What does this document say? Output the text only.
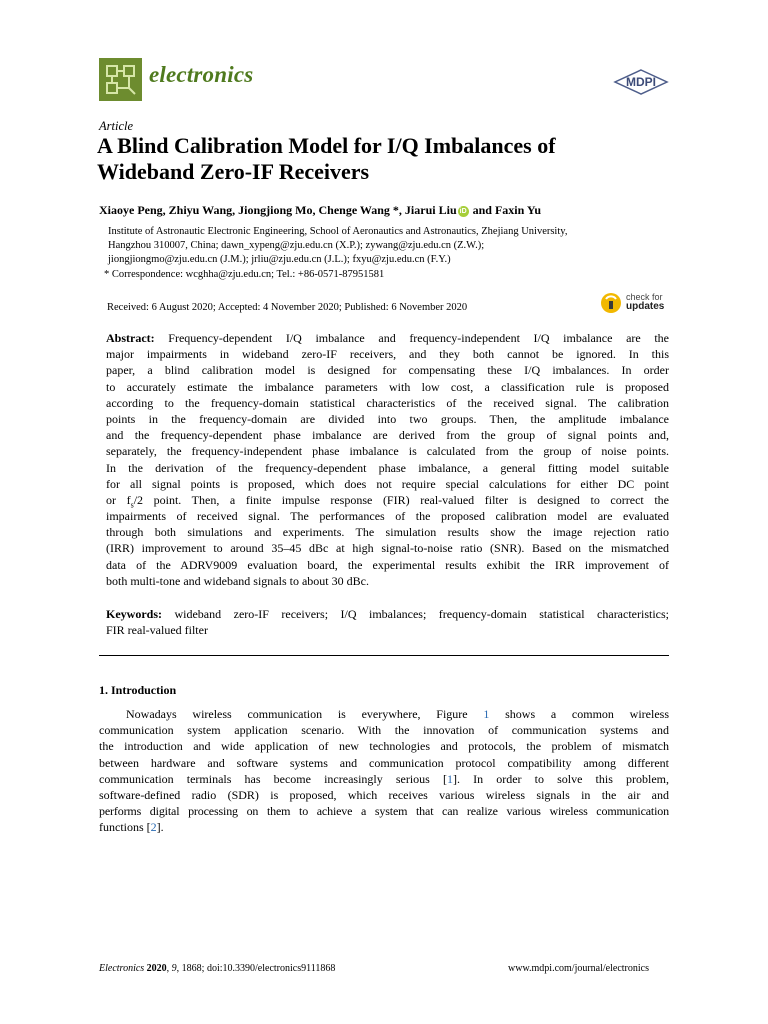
electronics	MDPI
Article
A Blind Calibration Model for I/Q Imbalances of
Wideband Zero-IF Receivers
Xiaoye Peng, Zhiyu Wang, Jiongjiong Mo, Chenge Wang *, Jiarui Liu iD and Faxin Yu
Institute of Astronautic Electronic Engineering, School of Aeronautics and Astronautics, Zhejiang University,
Hangzhou 310007, China; dawn_xypeng@zju.edu.cn (X.P.); zywang@zju.edu.cn (Z.W.);
jiongjiongmo@zju.edu.cn (J.M.); jrliu@zju.edu.cn (J.L.); fxyu@zju.edu.cn (F.Y.)
* Correspondence: wcghha@zju.edu.cn; Tel.: +86-0571-87951581
Received: 6 August 2020; Accepted: 4 November 2020; Published: 6 November 2020
check for
updates
Abstract: Frequency-dependent I/Q imbalance and frequency-independent I/Q imbalance are the
major impairments in wideband zero-IF receivers, and they both cannot be ignored. In this
paper, a blind calibration model is designed for compensating these I/Q imbalances. In order
to accurately estimate the imbalance parameters with low cost, a classification rule is proposed
according to the frequency-domain statistical characteristics of the received signal. The calibration
points in the frequency-domain are divided into two groups. Then, the amplitude imbalance
and the frequency-dependent phase imbalance are derived from the group of signal points and,
separately, the frequency-independent phase imbalance is calculated from the group of noise points.
In the derivation of the frequency-dependent phase imbalance, a general fitting model suitable
for all signal points is proposed, which does not require special calculations for either DC point
or $f_s/2$ point. Then, a finite impulse response (FIR) real-valued filter is designed to correct the
impairments of received signal. The performances of the proposed calibration model are evaluated
through both simulations and experiments. The simulation results show the image rejection ratio
(IRR) improvement to around 35–45 dBc at high signal-to-noise ratio (SNR). Based on the mismatched
data of the ADRV9009 evaluation board, the experimental results exhibit the IRR improvement of
both multi-tone and wideband signals to about 30 dBc.
Keywords: wideband zero-IF receivers; I/Q imbalances; frequency-domain statistical characteristics;
FIR real-valued filter
1. Introduction
Nowadays wireless communication is everywhere, Figure 1 shows a common wireless
communication system application scenario. With the innovation of communication systems and
the introduction and wide application of new technologies and protocols, the problem of mismatch
between hardware and software systems and communication protocol compatibility among different
communication terminals has become increasingly serious [1]. In order to solve this problem,
software-defined radio (SDR) is proposed, which receives various wireless signals in the air and
performs digital processing on them to achieve a system that can realize various wireless communication
functions [2].
Electronics 2020, 9, 1868; doi:10.3390/electronics9111868	www.mdpi.com/journal/electronics
